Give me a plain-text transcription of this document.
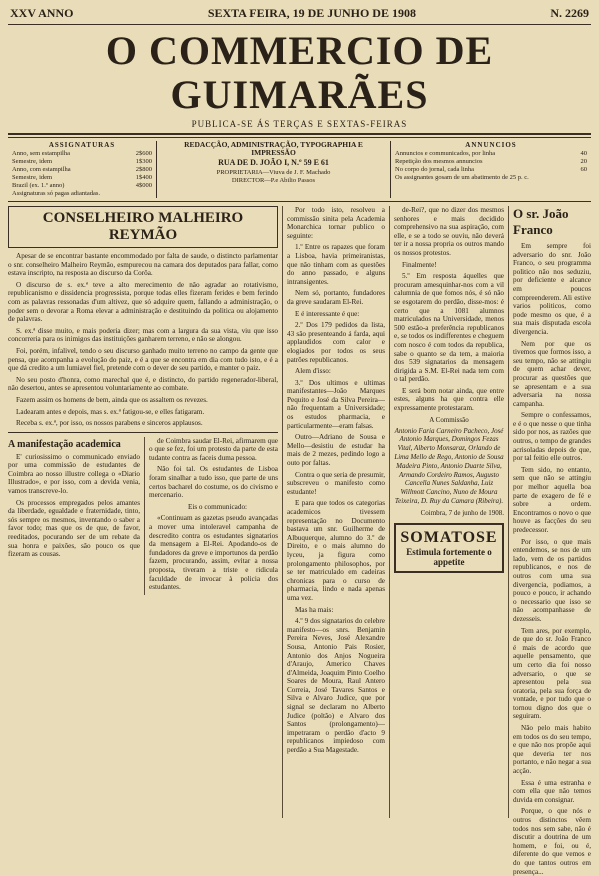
XXV ANNO	SEXTA FEIRA, 19 DE JUNHO DE 1908	N. 2269
O COMMERCIO DE GUIMARÃES
PUBLICA-SE ÁS TERÇAS E SEXTAS-FEIRAS
ASSIGNATURAS
Anno, sem estampilha	2$600
Semestre, idem	1$300
Anno, com estampilha	2$800
Semestre, idem	1$400
Brazil (ex. 1.º anno)	4$000
Assignaturas só pagas adiantadas.
REDACÇÃO, ADMINISTRAÇÃO, TYPOGRAPHIA E IMPRESSÃO
RUA DE D. JOÃO I, N.º 59 E 61
PROPRIETARIA—Viuva de J. F. Machado
DIRECTOR—P.e Abilio Passos
ANNUNCIOS
Annuncios e communicados, por linha	40
Repetição dos mesmos annuncios	20
No corpo do jornal, cada linha	60
Os assignantes gosam de um abatimento de 25 p. c.
CONSELHEIRO MALHEIRO REYMÃO

Apesar de se encontrar bastante encommodado por falta de saude, o distincto parlamentar o snr. conselheiro Malheiro Reymão, esmpurecou na camara dos deputados para fallar, como estava inscripto, na resposta ao discurso da Corôa.

O discurso de s. ex.ª teve a alto merecimento de não agradar ao rotativismo, republicanismo e dissidencia progressista, porque todas elles fizeram ferides e bem ferindo com as palavras ressonadas d'um altivez, que só adquire quem, fallando a administração, o poder sem o devorar a Roma elevar a administração e destituindo da politica ou alojamento de palavras.

S. ex.ª disse muito, e mais poderia dizer; mas com a largura da sua vista, viu que isso concorreria para os inimigos das instituições ganharem terreno, e não se alongou.

Foi, porém, infalivel, tendo o seu discurso ganhado muito terreno no campo da gente que pensa, que acompanha a evolução do paiz, e é a que se encontra em dia com tudo isto, e é a que dá credito a um lumiavel fiel, pretende com o dever de seu partido, e manter o paiz.

No seu posto d'honra, como marechal que é, e distincto, do partido regenerador-liberal, não desertou, antes se apresentou voluntariamente ao combate.

Fazem assim os homens de bem, ainda que os assaltem os revezes.

Ladearam antes e depois, mas s. ex.ª fatigou-se, e elles fatigaram.

Receba s. ex.ª, por isso, os nossos parabens e sinceros applausos.

A manifestação academica

E' curiosissimo o communicado enviado por uma commissão de estudantes de Coimbra ao nosso illustre collega o «Diario Illustrado», e por isso, com a devida venia, vamos transcreve-lo.

Os processos empregados pelos amantes da liberdade, egualdade e fraternidade, tinto, sós sempre os mesmos, inventando o saber a favor todo; mas que os de que, de favor, reeditados, pocurando ser de um rebate da sua honra e paixões, são pouco os que fizeram as cousas.

de Coimbra saudar El-Rei, afirmarem que o que se fez, foi um protesto da parte de esta tudante contra as faceis duma pessoa.

Não foi tal. Os estudantes de Lisboa foram sinalhar a tudo isso, que parte de uns certos bacharel do costume, os do civismo e mercenario.

Eis o communicado:

«Continuam as gazetas pseudo avançadas a mover uma intoleravel campanha de descredito contra os estudantes signatarios da mensagem a El-Rei. Apodando-os de fundadores da greve e importunos da perdão fazem, procurando, assim, evitar a nossa proposta, tiveram a triste e ridicula faculdade de invocar à policia dos estudantes.

Por todo isto, resolveu a commissão sinita pela Academia Monarchica tornar publico o seguinte:

1.º Entre os rapazes que foram a Lisboa, havia primeiranistas, que não tinham com as questões do anno passado, e alguns intransigentes.

Nem só, portanto, fundadores da greve saudaram El-Rei.

E é interessante é que:

2.º Dos 179 pedidos da lista, 43 são presenteando á farda, aqui applaudidos com calor e elogiados por todos os seus patrões republicanos.

Alem d'isso:

3.º Dos ultimos e ultimas manifestantes—João Marques Pequito e José da Silva Pereira—não frequentam a Universidade; os estudos pharmacia, e particularmente—eram falsas.

Outro—Adriano de Sousa e Mello—desistiu de estudar ha mais de 2 mezes, pedindo logo a outo por faltas.

Contra o que seria de presumir, subscreveu o manifesto como estudante!

E para que todos os categorias academicos tivessem representação no Documento bastava um snr. Guilherme de Albuquerque, alumno do 3.º de Direito, e o mais alumno do lyceu, ja figura como prolongamento philosophos, por se ter matriculado em cadeiras chronicas para o curso de pharmacia, lindo e nada apenas uma vez.

Mas ha mais:

4.º 9 dos signatarios do celebre manifesto—os snrs. Benjamin Pereira Neves, José Alexandre Sousa, Antonio Pais Rosier, Antonio dos Anjos Nogueira d'Araujo, Americo Chaves d'Almeida, Joaquim Pinto Coelho Soares de Moura, Raul Antero Correia, José Tavares Santos e Silva e Alvaro Judice, que por signal se declaram no Alberto Judice (poltão) e Alvaro dos Santos (prolongamento)—impetraram o perdão d'acto 9 republicanos impiedoso com perdão a Sua Magestade.

de-Rei?, que no dizer dos mesmos senhores e mais decidido comprehensivo na sua aspiração, com elle, e se a todo se ouviu, não deverá ter ir a nossa propria os outros mando os nossos protestos.

Finalmente!

5.º Em resposta áquelles que procuram amesquinhar-nos com a vil calumnia de que fomos nós, é só não se esgotarem do perdão, disse-mos: é certo que a 1081 alumnos matriculados na Universidade, menos 500 estão-a preferência republicanos e, se todos os indifferentes e cheguem com nosco é com todos da republica, sabe o quanto se da tem, a maioria dos 539 signatarios da mensagem dirigida a S.M. El-Rei nada tem com o tal perdão.

E será bom notar ainda, que entre estes, alguns ha que contra elle expressamente protestaram.

A Commissão
Antonio Faria Carneiro Pacheco, José Antonio Marques, Domingos Fezas Vital, Alberto Monsaraz, Orlando de Lima Mello de Rego, Antonio de Sousa Madeira Pinto, Antonio Duarte Silva, Armando Cordeiro Ramos, Augusto Cancella Nunes Saldanha, Luiz Willmott Cancino, Nuno de Moura Teixeira, D. Ruy da Camara (Ribeira).
Coimbra, 7 de junho de 1908.
SOMATOSE
Estimula fortemente o appetite
O sr. João Franco

Em sempre foi adversario do snr. João Franco, o seu programma politico não nos seduziu, por deficiente e alcance em poucos compreenderem. Ali estive varios politicos, como pode mesmo os que, é a sua mais disputada escola divergencia.

Nem por que os tivemos que formos isso, a seu tempo, não se attingiu de quem achar dever, procurar as questões que se apresentam e a sua adversaria na nossa campanha.

Sempre o confessamos, e é o que nesse o que tinha sido por nos, as razões que outros, o tempo de grandes acrisoladas depois de que, por tal feitio elle outros.

Tem sido, no entanto, sem que não se attingiu por melhor aquella boa parte de exagero de fé e sobre a ordem. Encontramos o novo o que houve as facções do seu predecessor.

Por isso, o que mais entendemos, se nos de um lado, vem de os partidos republicanos, e nos de outros com uma sua divergencia, podiamos, a pouco e pouco, ir achando o necessario que isso se não acompanhasse de dezesseis.

Tem ares, por exemplo, de que do sr. João Franco é mais de acordo que aquelle pensamento, que um certo dia foi nosso adversario, o que se apresentou pela sua oratoria, pela sua força de vontade, e por tudo que o tornou digno dos que o seguiram.

Não pelo mais habito em todos os do seu tempo, e que não nos propõe aqui que deveria ter nos portanto, e não negar a sua acção.

Essa é uma estranha e com ella que não temos duvida em consignar.

Porque, o que nós e outros distinctos vêem todos nos sem sabe, não é discutir a doutrina de um homem, e foi, ou é, diferente do que vemos e do que tantos outros em presença...
